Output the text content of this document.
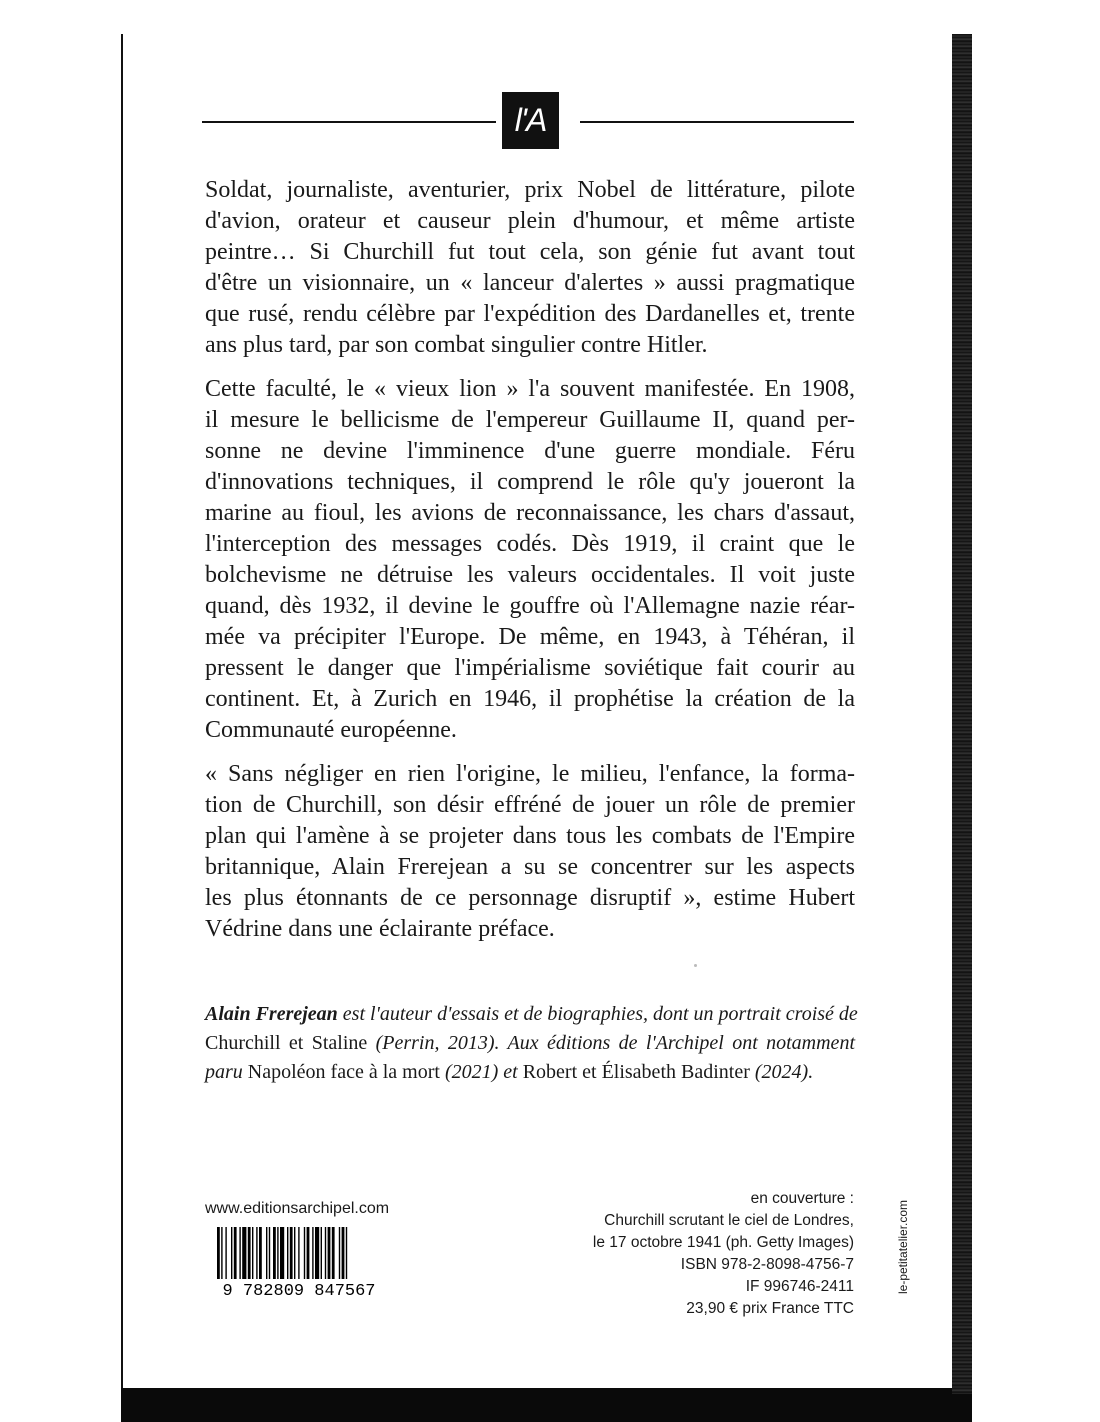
l'A
Soldat, journaliste, aventurier, prix Nobel de littérature, pilote
d'avion, orateur et causeur plein d'humour, et même artiste
peintre… Si Churchill fut tout cela, son génie fut avant tout
d'être un visionnaire, un « lanceur d'alertes » aussi pragmatique
que rusé, rendu célèbre par l'expédition des Dardanelles et, trente
ans plus tard, par son combat singulier contre Hitler.
Cette faculté, le « vieux lion » l'a souvent manifestée. En 1908,
il mesure le bellicisme de l'empereur Guillaume II, quand per-
sonne ne devine l'imminence d'une guerre mondiale. Féru
d'innovations techniques, il comprend le rôle qu'y joueront la
marine au fioul, les avions de reconnaissance, les chars d'assaut,
l'interception des messages codés. Dès 1919, il craint que le
bolchevisme ne détruise les valeurs occidentales. Il voit juste
quand, dès 1932, il devine le gouffre où l'Allemagne nazie réar-
mée va précipiter l'Europe. De même, en 1943, à Téhéran, il
pressent le danger que l'impérialisme soviétique fait courir au
continent. Et, à Zurich en 1946, il prophétise la création de la
Communauté européenne.
« Sans négliger en rien l'origine, le milieu, l'enfance, la forma-
tion de Churchill, son désir effréné de jouer un rôle de premier
plan qui l'amène à se projeter dans tous les combats de l'Empire
britannique, Alain Frerejean a su se concentrer sur les aspects
les plus étonnants de ce personnage disruptif », estime Hubert
Védrine dans une éclairante préface.
Alain Frerejean est l'auteur d'essais et de biographies, dont un portrait croisé de
Churchill et Staline (Perrin, 2013). Aux éditions de l'Archipel ont notamment
paru Napoléon face à la mort (2021) et Robert et Élisabeth Badinter (2024).
www.editionsarchipel.com
9 782809 847567
en couverture :
Churchill scrutant le ciel de Londres,
le 17 octobre 1941 (ph. Getty Images)
ISBN 978-2-8098-4756-7
IF 996746-2411
23,90 € prix France TTC
le-petitatelier.com
